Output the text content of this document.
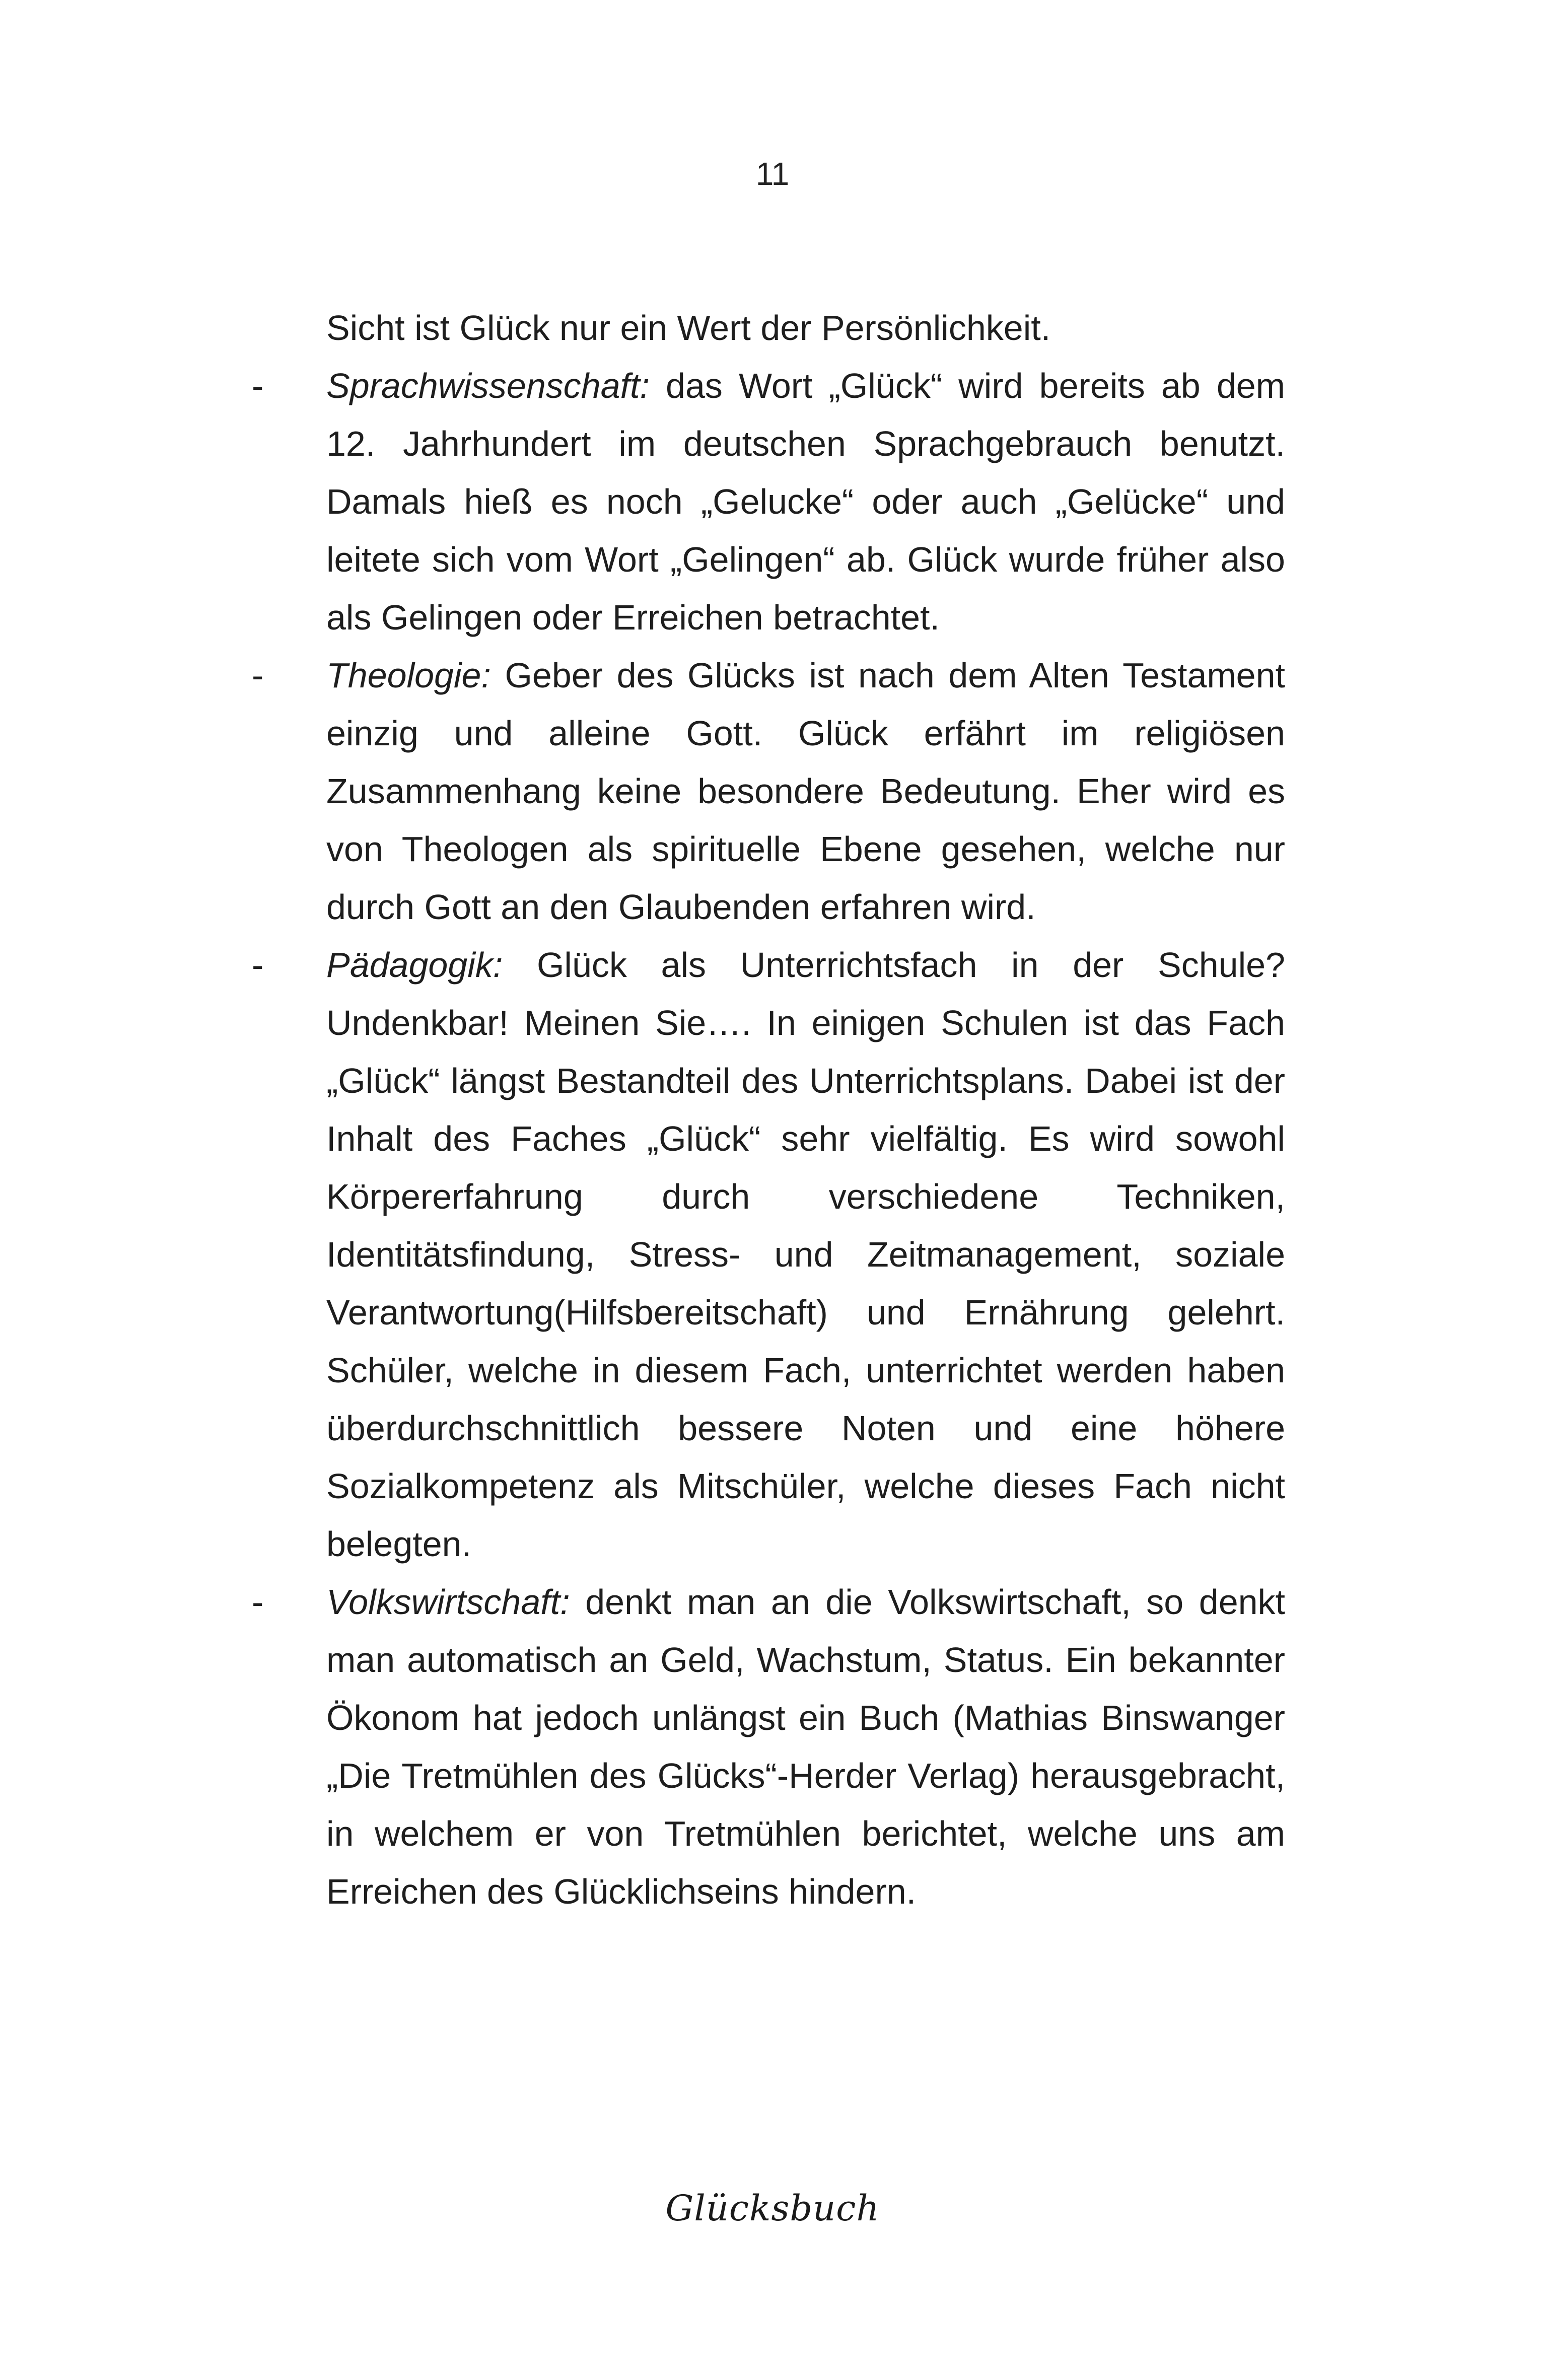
11

Sicht ist Glück nur ein Wert der Persönlichkeit.

- Sprachwissenschaft: das Wort „Glück“ wird bereits ab dem 12. Jahrhundert im deutschen Sprachgebrauch benutzt. Damals hieß es noch „Gelucke“ oder auch „Gelücke“ und leitete sich vom Wort „Gelingen“ ab. Glück wurde früher also als Gelingen oder Erreichen betrachtet.

- Theologie: Geber des Glücks ist nach dem Alten Testament einzig und alleine Gott. Glück erfährt im religiösen Zusammenhang keine besondere Bedeutung. Eher wird es von Theologen als spirituelle Ebene gesehen, welche nur durch Gott an den Glaubenden erfahren wird.

- Pädagogik: Glück als Unterrichtsfach in der Schule? Undenkbar! Meinen Sie…. In einigen Schulen ist das Fach „Glück“ längst Bestandteil des Unterrichtsplans. Dabei ist der Inhalt des Faches „Glück“ sehr vielfältig. Es wird sowohl Körpererfahrung durch verschiedene Techniken, Identitätsfindung, Stress- und Zeitmanagement, soziale Verantwortung(Hilfsbereitschaft) und Ernährung gelehrt. Schüler, welche in diesem Fach, unterrichtet werden haben überdurchschnittlich bessere Noten und eine höhere Sozialkompetenz als Mitschüler, welche dieses Fach nicht belegten.

- Volkswirtschaft: denkt man an die Volkswirtschaft, so denkt man automatisch an Geld, Wachstum, Status. Ein bekannter Ökonom hat jedoch unlängst ein Buch (Mathias Binswanger „Die Tretmühlen des Glücks“-Herder Verlag) herausgebracht, in welchem er von Tretmühlen berichtet, welche uns am Erreichen des Glücklichseins hindern.

Glücksbuch
